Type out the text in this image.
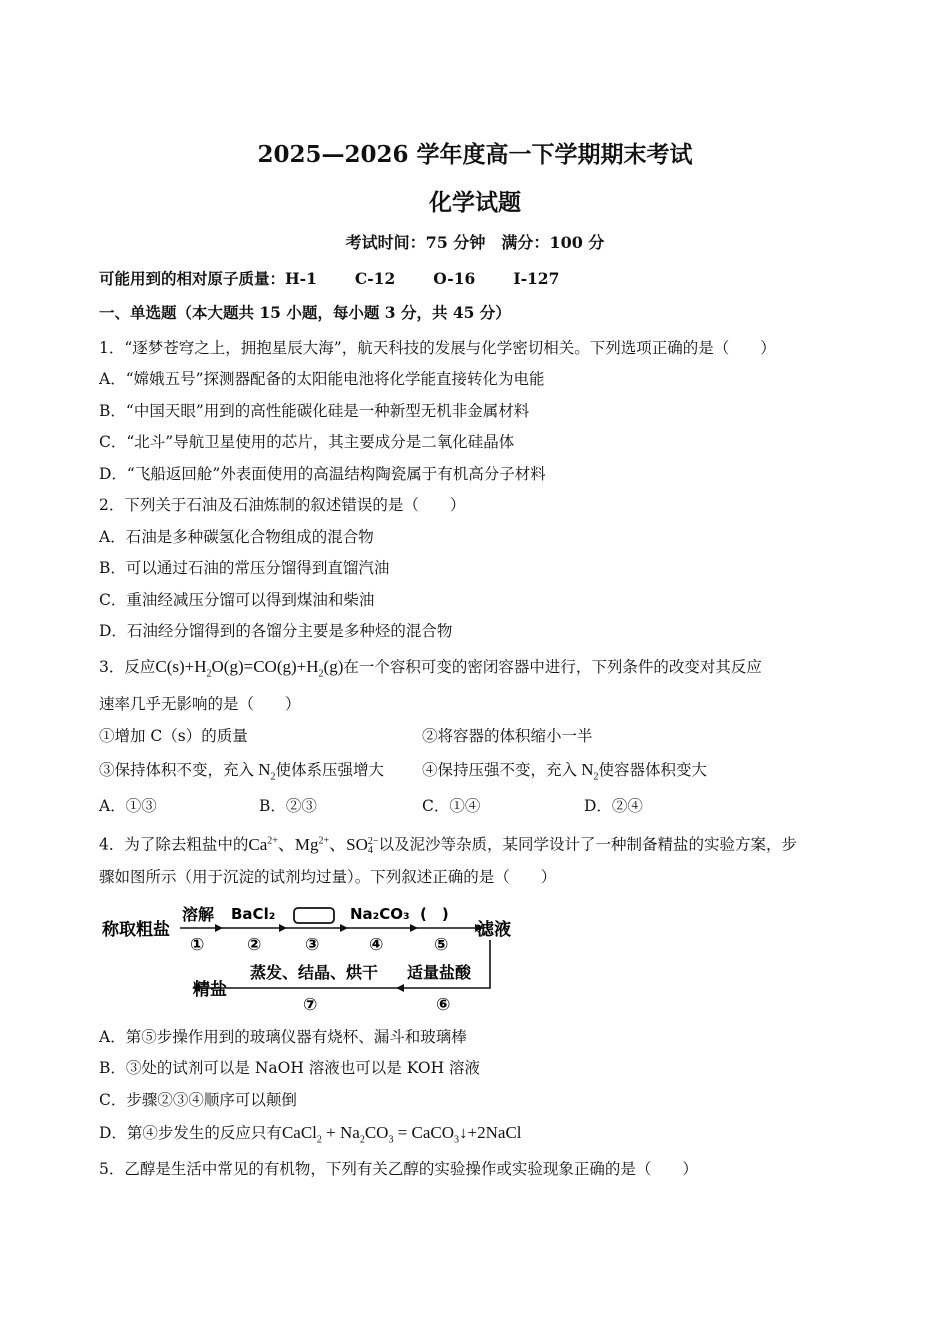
2025—2026 学年度高一下学期期末考试
化学试题
考试时间：75 分钟　满分：100 分
可能用到的相对原子质量：H-1 C-12 O-16 I-127
一、单选题（本大题共 15 小题，每小题 3 分，共 45 分）
1．“逐梦苍穹之上，拥抱星辰大海”，航天科技的发展与化学密切相关。下列选项正确的是（　　）
A．“嫦娥五号”探测器配备的太阳能电池将化学能直接转化为电能
B．“中国天眼”用到的高性能碳化硅是一种新型无机非金属材料
C．“北斗”导航卫星使用的芯片，其主要成分是二氧化硅晶体
D．“飞船返回舱”外表面使用的高温结构陶瓷属于有机高分子材料
2．下列关于石油及石油炼制的叙述错误的是（　　）
A．石油是多种碳氢化合物组成的混合物
B．可以通过石油的常压分馏得到直馏汽油
C．重油经减压分馏可以得到煤油和柴油
D．石油经分馏得到的各馏分主要是多种烃的混合物
3．反应$C(s)+H_2O(g)=CO(g)+H_2(g)$在一个容积可变的密闭容器中进行，下列条件的改变对其反应
速率几乎无影响的是（　　）
①增加 C（s）的质量	②将容器的体积缩小一半
③保持体积不变，充入 $N_2$使体系压强增大 ④保持压强不变，充入 $N_2$使容器体积变大
A．①③	B．②③	C．①④	D．②④
4．为了除去粗盐中的$Ca^{2+}$、$Mg^{2+}$、SO 2−
4 以及泥沙等杂质，某同学设计了一种制备精盐的实验方案，步
骤如图所示（用于沉淀的试剂均过量）。下列叙述正确的是（　　）
称取粗盐
溶解
①
BaCl₂
②	③
Na₂CO₃
④
(　)
⑤
滤液
适量盐酸
⑥
蒸发、结晶、烘干
⑦
精盐
A．第⑤步操作用到的玻璃仪器有烧杯、漏斗和玻璃棒
B．③处的试剂可以是 NaOH 溶液也可以是 KOH 溶液
C．步骤②③④顺序可以颠倒
D．第④步发生的反应只有CaCl$_2$ + $Na_2CO_3$ = CaCO$_3$↓+2NaCl
5．乙醇是生活中常见的有机物，下列有关乙醇的实验操作或实验现象正确的是（　　）
